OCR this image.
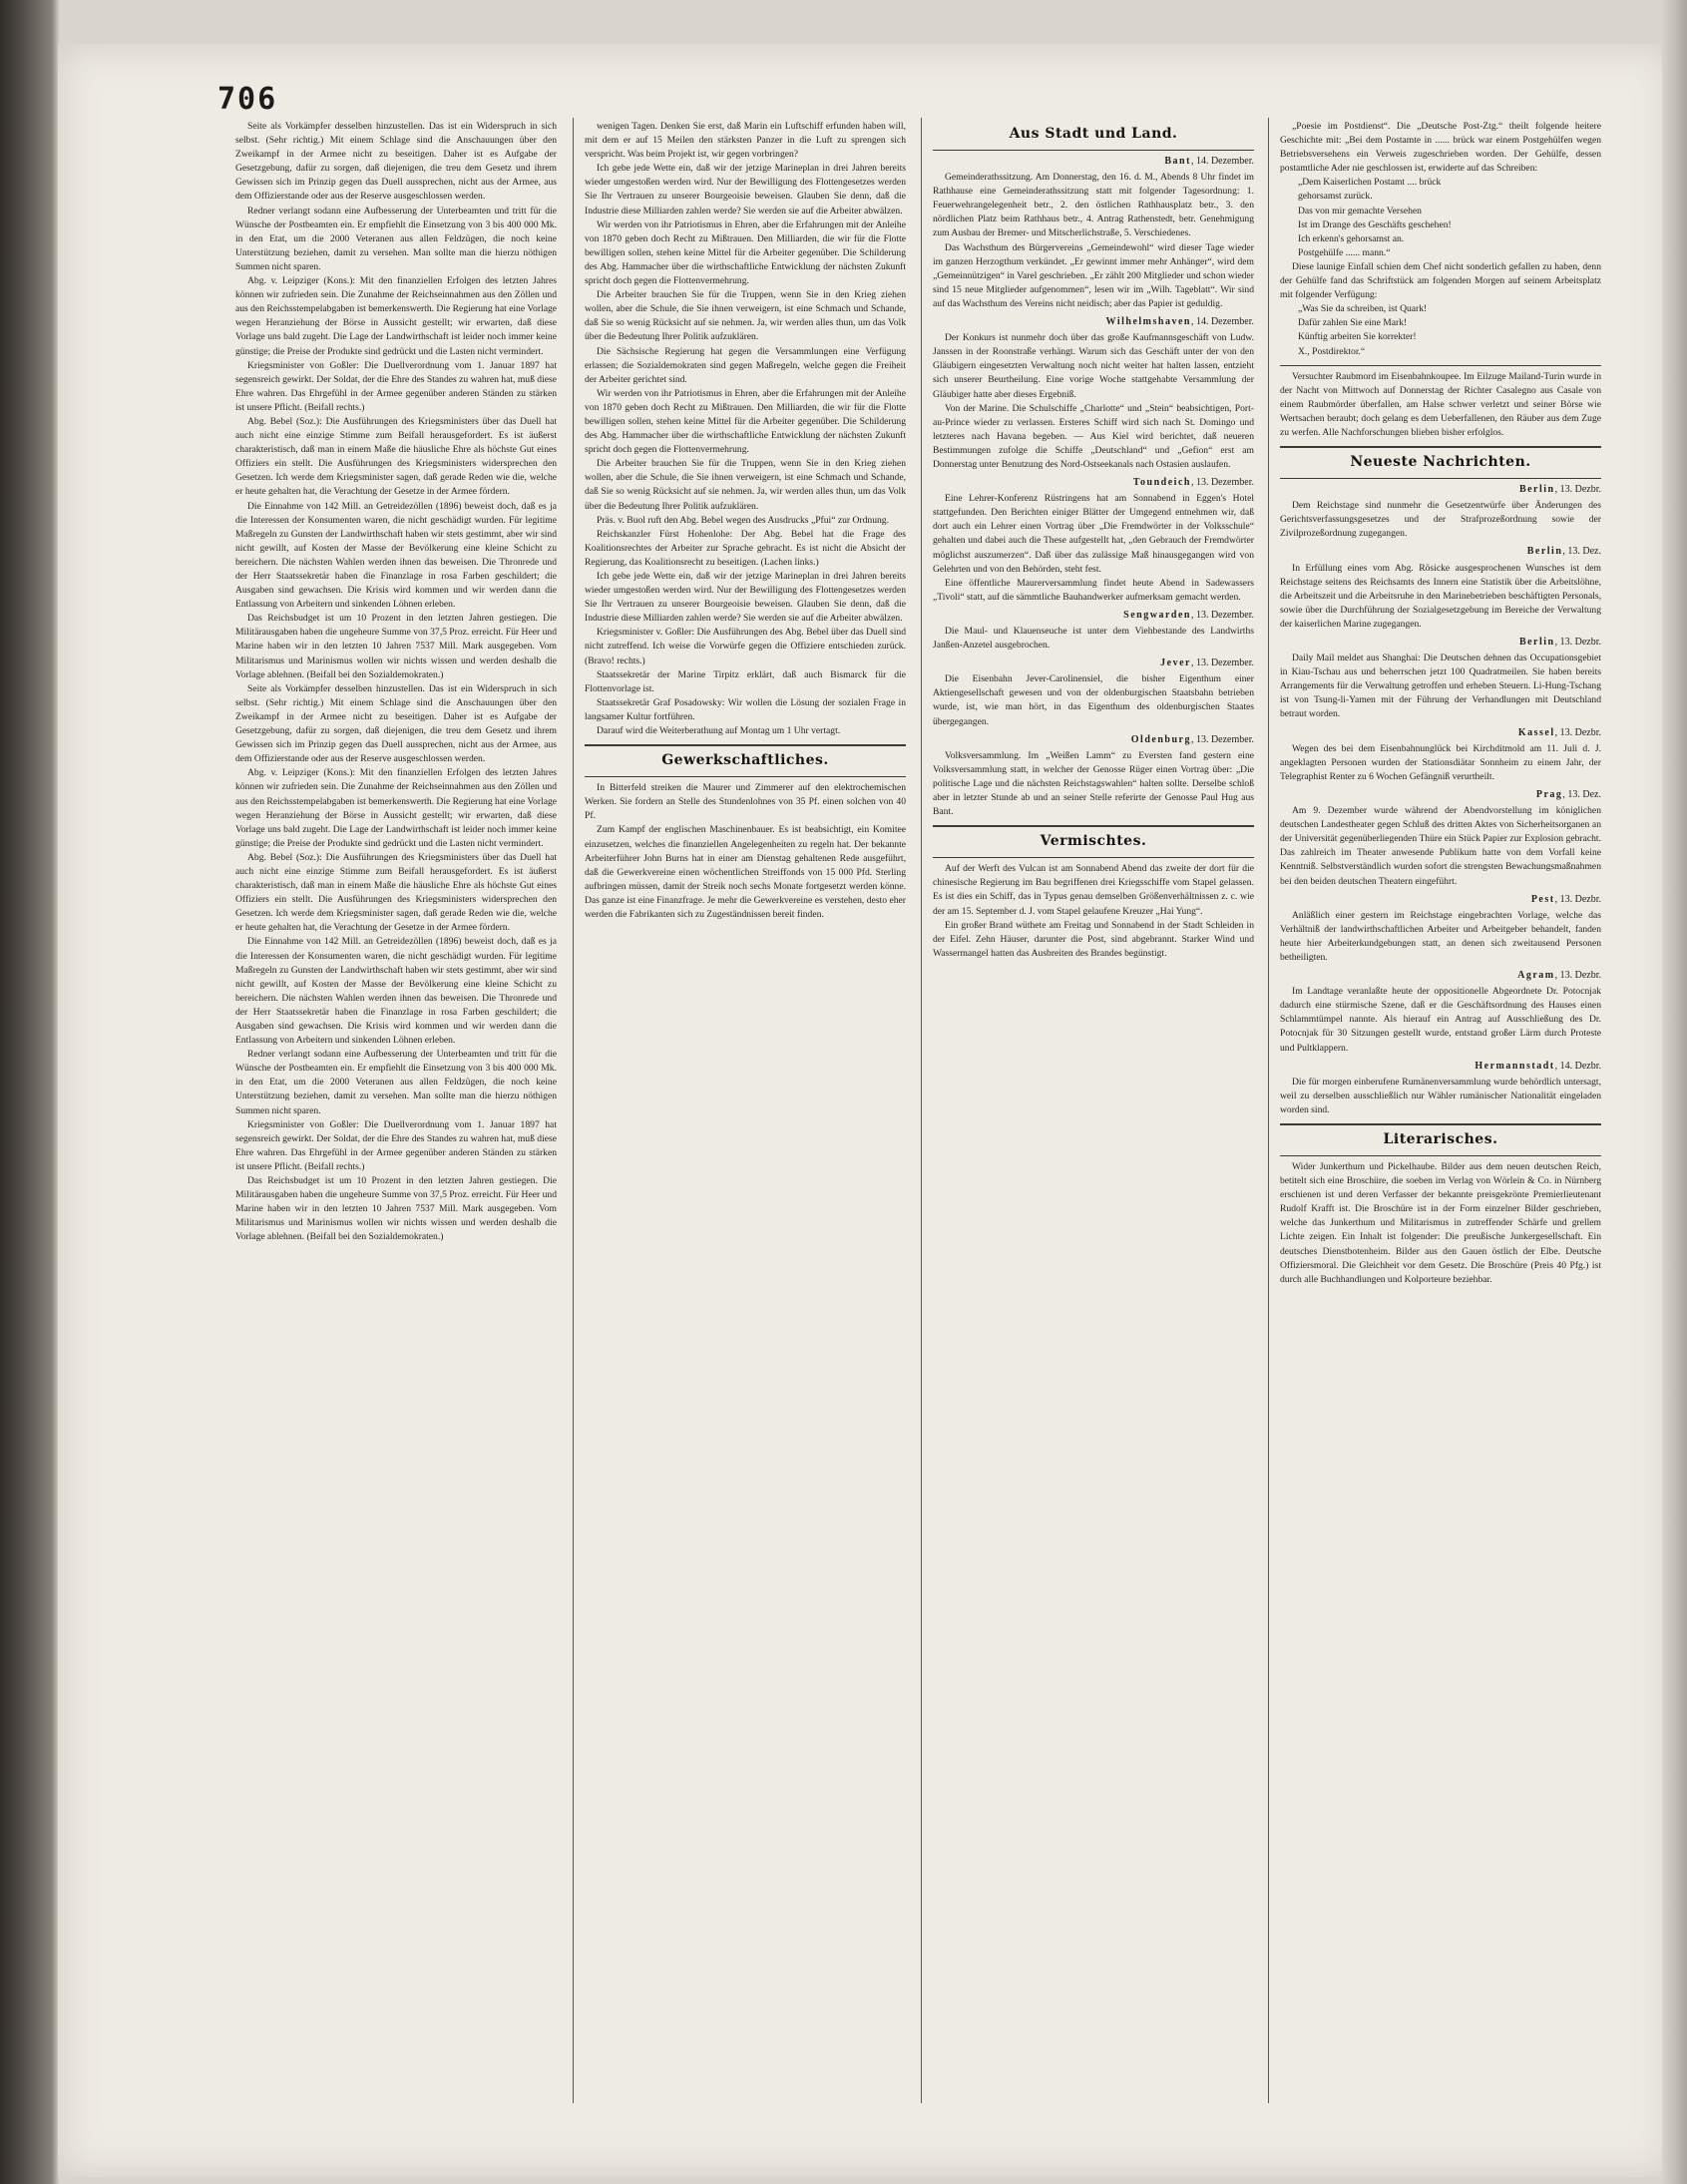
706

Seite als Vorkämpfer desselben hinzustellen. Das ist ein Widerspruch in sich selbst. (Sehr richtig.) Mit einem Schlage sind die Anschauungen über den Zweikampf in der Armee nicht zu beseitigen. Daher ist es Aufgabe der Gesetzgebung, dafür zu sorgen, daß diejenigen, die treu dem Gesetz und ihrem Gewissen sich im Prinzip gegen das Duell aussprechen, nicht aus der Armee, aus dem Offizierstande oder aus der Reserve ausgeschlossen werden.

Redner verlangt sodann eine Aufbesserung der Unterbeamten und tritt für die Wünsche der Postbeamten ein. Er empfiehlt die Einsetzung von 3 bis 400 000 Mk. in den Etat, um die 2000 Veteranen aus allen Feldzügen, die noch keine Unterstützung beziehen, damit zu versehen. Man sollte man die hierzu nöthigen Summen nicht sparen.

Abg. v. Leipziger (Kons.): Mit den finanziellen Erfolgen des letzten Jahres können wir zufrieden sein. Die Zunahme der Reichseinnahmen aus den Zöllen und aus den Reichsstempelabgaben ist bemerkenswerth. Die Regierung hat eine Vorlage wegen Heranziehung der Börse in Aussicht gestellt; wir erwarten, daß diese Vorlage uns bald zugeht. Die Lage der Landwirthschaft ist leider noch immer keine günstige; die Preise der Produkte sind gedrückt und die Lasten nicht vermindert.

Kriegsminister von Goßler: Die Duellverordnung vom 1. Januar 1897 hat segensreich gewirkt. Der Soldat, der die Ehre des Standes zu wahren hat, muß diese Ehre wahren. Das Ehrgefühl in der Armee gegenüber anderen Ständen zu stärken ist unsere Pflicht. (Beifall rechts.)

Abg. Bebel (Soz.): Die Ausführungen des Kriegsministers über das Duell hat auch nicht eine einzige Stimme zum Beifall herausgefordert. Es ist äußerst charakteristisch, daß man in einem Maße die häusliche Ehre als höchste Gut eines Offiziers ein stellt. Die Ausführungen des Kriegsministers widersprechen den Gesetzen. Ich werde dem Kriegsminister sagen, daß gerade Reden wie die, welche er heute gehalten hat, die Verachtung der Gesetze in der Armee fördern.

Die Einnahme von 142 Mill. an Getreidezöllen (1896) beweist doch, daß es ja die Interessen der Konsumenten waren, die nicht geschädigt wurden. Für legitime Maßregeln zu Gunsten der Landwirthschaft haben wir stets gestimmt, aber wir sind nicht gewillt, auf Kosten der Masse der Bevölkerung eine kleine Schicht zu bereichern. Die nächsten Wahlen werden ihnen das beweisen. Die Thronrede und der Herr Staatssekretär haben die Finanzlage in rosa Farben geschildert; die Ausgaben sind gewachsen. Die Krisis wird kommen und wir werden dann die Entlassung von Arbeitern und sinkenden Löhnen erleben.

Das Reichsbudget ist um 10 Prozent in den letzten Jahren gestiegen. Die Militärausgaben haben die ungeheure Summe von 37,5 Proz. erreicht. Für Heer und Marine haben wir in den letzten 10 Jahren 7537 Mill. Mark ausgegeben. Vom Militarismus und Marinismus wollen wir nichts wissen und werden deshalb die Vorlage ablehnen. (Beifall bei den Sozialdemokraten.)

Seite als Vorkämpfer desselben hinzustellen. Das ist ein Widerspruch in sich selbst. (Sehr richtig.) Mit einem Schlage sind die Anschauungen über den Zweikampf in der Armee nicht zu beseitigen. Daher ist es Aufgabe der Gesetzgebung, dafür zu sorgen, daß diejenigen, die treu dem Gesetz und ihrem Gewissen sich im Prinzip gegen das Duell aussprechen, nicht aus der Armee, aus dem Offizierstande oder aus der Reserve ausgeschlossen werden.

Abg. v. Leipziger (Kons.): Mit den finanziellen Erfolgen des letzten Jahres können wir zufrieden sein. Die Zunahme der Reichseinnahmen aus den Zöllen und aus den Reichsstempelabgaben ist bemerkenswerth. Die Regierung hat eine Vorlage wegen Heranziehung der Börse in Aussicht gestellt; wir erwarten, daß diese Vorlage uns bald zugeht. Die Lage der Landwirthschaft ist leider noch immer keine günstige; die Preise der Produkte sind gedrückt und die Lasten nicht vermindert.

Abg. Bebel (Soz.): Die Ausführungen des Kriegsministers über das Duell hat auch nicht eine einzige Stimme zum Beifall herausgefordert. Es ist äußerst charakteristisch, daß man in einem Maße die häusliche Ehre als höchste Gut eines Offiziers ein stellt. Die Ausführungen des Kriegsministers widersprechen den Gesetzen. Ich werde dem Kriegsminister sagen, daß gerade Reden wie die, welche er heute gehalten hat, die Verachtung der Gesetze in der Armee fördern.

Die Einnahme von 142 Mill. an Getreidezöllen (1896) beweist doch, daß es ja die Interessen der Konsumenten waren, die nicht geschädigt wurden. Für legitime Maßregeln zu Gunsten der Landwirthschaft haben wir stets gestimmt, aber wir sind nicht gewillt, auf Kosten der Masse der Bevölkerung eine kleine Schicht zu bereichern. Die nächsten Wahlen werden ihnen das beweisen. Die Thronrede und der Herr Staatssekretär haben die Finanzlage in rosa Farben geschildert; die Ausgaben sind gewachsen. Die Krisis wird kommen und wir werden dann die Entlassung von Arbeitern und sinkenden Löhnen erleben.

Redner verlangt sodann eine Aufbesserung der Unterbeamten und tritt für die Wünsche der Postbeamten ein. Er empfiehlt die Einsetzung von 3 bis 400 000 Mk. in den Etat, um die 2000 Veteranen aus allen Feldzügen, die noch keine Unterstützung beziehen, damit zu versehen. Man sollte man die hierzu nöthigen Summen nicht sparen.

Kriegsminister von Goßler: Die Duellverordnung vom 1. Januar 1897 hat segensreich gewirkt. Der Soldat, der die Ehre des Standes zu wahren hat, muß diese Ehre wahren. Das Ehrgefühl in der Armee gegenüber anderen Ständen zu stärken ist unsere Pflicht. (Beifall rechts.)

Das Reichsbudget ist um 10 Prozent in den letzten Jahren gestiegen. Die Militärausgaben haben die ungeheure Summe von 37,5 Proz. erreicht. Für Heer und Marine haben wir in den letzten 10 Jahren 7537 Mill. Mark ausgegeben. Vom Militarismus und Marinismus wollen wir nichts wissen und werden deshalb die Vorlage ablehnen. (Beifall bei den Sozialdemokraten.)

wenigen Tagen. Denken Sie erst, daß Marin ein Luftschiff erfunden haben will, mit dem er auf 15 Meilen den stärksten Panzer in die Luft zu sprengen sich verspricht. Was beim Projekt ist, wir gegen vorbringen?

Ich gebe jede Wette ein, daß wir der jetzige Marineplan in drei Jahren bereits wieder umgestoßen werden wird. Nur der Bewilligung des Flottengesetzes werden Sie Ihr Vertrauen zu unserer Bourgeoisie beweisen. Glauben Sie denn, daß die Industrie diese Milliarden zahlen werde? Sie werden sie auf die Arbeiter abwälzen.

Wir werden von ihr Patriotismus in Ehren, aber die Erfahrungen mit der Anleihe von 1870 geben doch Recht zu Mißtrauen. Den Milliarden, die wir für die Flotte bewilligen sollen, stehen keine Mittel für die Arbeiter gegenüber. Die Schilderung des Abg. Hammacher über die wirthschaftliche Entwicklung der nächsten Zukunft spricht doch gegen die Flottenvermehrung.

Die Arbeiter brauchen Sie für die Truppen, wenn Sie in den Krieg ziehen wollen, aber die Schule, die Sie ihnen verweigern, ist eine Schmach und Schande, daß Sie so wenig Rücksicht auf sie nehmen. Ja, wir werden alles thun, um das Volk über die Bedeutung Ihrer Politik aufzuklären.

Die Sächsische Regierung hat gegen die Versammlungen eine Verfügung erlassen; die Sozialdemokraten sind gegen Maßregeln, welche gegen die Freiheit der Arbeiter gerichtet sind.

Wir werden von ihr Patriotismus in Ehren, aber die Erfahrungen mit der Anleihe von 1870 geben doch Recht zu Mißtrauen. Den Milliarden, die wir für die Flotte bewilligen sollen, stehen keine Mittel für die Arbeiter gegenüber. Die Schilderung des Abg. Hammacher über die wirthschaftliche Entwicklung der nächsten Zukunft spricht doch gegen die Flottenvermehrung.

Die Arbeiter brauchen Sie für die Truppen, wenn Sie in den Krieg ziehen wollen, aber die Schule, die Sie ihnen verweigern, ist eine Schmach und Schande, daß Sie so wenig Rücksicht auf sie nehmen. Ja, wir werden alles thun, um das Volk über die Bedeutung Ihrer Politik aufzuklären.

Präs. v. Buol ruft den Abg. Bebel wegen des Ausdrucks „Pfui“ zur Ordnung.

Reichskanzler Fürst Hohenlohe: Der Abg. Bebel hat die Frage des Koalitionsrechtes der Arbeiter zur Sprache gebracht. Es ist nicht die Absicht der Regierung, das Koalitionsrecht zu beseitigen. (Lachen links.)

Ich gebe jede Wette ein, daß wir der jetzige Marineplan in drei Jahren bereits wieder umgestoßen werden wird. Nur der Bewilligung des Flottengesetzes werden Sie Ihr Vertrauen zu unserer Bourgeoisie beweisen. Glauben Sie denn, daß die Industrie diese Milliarden zahlen werde? Sie werden sie auf die Arbeiter abwälzen.

Kriegsminister v. Goßler: Die Ausführungen des Abg. Bebel über das Duell sind nicht zutreffend. Ich weise die Vorwürfe gegen die Offiziere entschieden zurück. (Bravo! rechts.)

Staatssekretär der Marine Tirpitz erklärt, daß auch Bismarck für die Flottenvorlage ist.

Staatssekretär Graf Posadowsky: Wir wollen die Lösung der sozialen Frage in langsamer Kultur fortführen.

Darauf wird die Weiterberathung auf Montag um 1 Uhr vertagt.

Gewerkschaftliches.

In Bitterfeld streiken die Maurer und Zimmerer auf den elektrochemischen Werken. Sie fordern an Stelle des Stundenlohnes von 35 Pf. einen solchen von 40 Pf.

Zum Kampf der englischen Maschinenbauer. Es ist beabsichtigt, ein Komitee einzusetzen, welches die finanziellen Angelegenheiten zu regeln hat. Der bekannte Arbeiterführer John Burns hat in einer am Dienstag gehaltenen Rede ausgeführt, daß die Gewerkvereine einen wöchentlichen Streiffonds von 15 000 Pfd. Sterling aufbringen müssen, damit der Streik noch sechs Monate fortgesetzt werden könne. Das ganze ist eine Finanzfrage. Je mehr die Gewerkvereine es verstehen, desto eher werden die Fabrikanten sich zu Zugeständnissen bereit finden.

Aus Stadt und Land.
Bant, 14. Dezember.

Gemeinderathssitzung. Am Donnerstag, den 16. d. M., Abends 8 Uhr findet im Rathhause eine Gemeinderathssitzung statt mit folgender Tagesordnung: 1. Feuerwehrangelegenheit betr., 2. den östlichen Rathhausplatz betr., 3. den nördlichen Platz beim Rathhaus betr., 4. Antrag Rathenstedt, betr. Genehmigung zum Ausbau der Bremer- und Mitscherlichstraße, 5. Verschiedenes.

Das Wachsthum des Bürgervereins „Gemeindewohl“ wird dieser Tage wieder im ganzen Herzogthum verkündet. „Er gewinnt immer mehr Anhänger“, wird dem „Gemeinnützigen“ in Varel geschrieben. „Er zählt 200 Mitglieder und schon wieder sind 15 neue Mitglieder aufgenommen“, lesen wir im „Wilh. Tageblatt“. Wir sind auf das Wachsthum des Vereins nicht neidisch; aber das Papier ist geduldig.

Wilhelmshaven, 14. Dezember.

Der Konkurs ist nunmehr doch über das große Kaufmannsgeschäft von Ludw. Janssen in der Roonstraße verhängt. Warum sich das Geschäft unter der von den Gläubigern eingesetzten Verwaltung noch nicht weiter hat halten lassen, entzieht sich unserer Beurtheilung. Eine vorige Woche stattgehabte Versammlung der Gläubiger hatte aber dieses Ergebniß.

Von der Marine. Die Schulschiffe „Charlotte“ und „Stein“ beabsichtigen, Port-au-Prince wieder zu verlassen. Ersteres Schiff wird sich nach St. Domingo und letzteres nach Havana begeben. — Aus Kiel wird berichtet, daß neueren Bestimmungen zufolge die Schiffe „Deutschland“ und „Gefion“ erst am Donnerstag unter Benutzung des Nord-Ostseekanals nach Ostasien auslaufen.

Toundeich, 13. Dezember.

Eine Lehrer-Konferenz Rüstringens hat am Sonnabend in Eggen's Hotel stattgefunden. Den Berichten einiger Blätter der Umgegend entnehmen wir, daß dort auch ein Lehrer einen Vortrag über „Die Fremdwörter in der Volksschule“ gehalten und dabei auch die These aufgestellt hat, „den Gebrauch der Fremdwörter möglichst auszumerzen“. Daß über das zulässige Maß hinausgegangen wird von Gelehrten und von den Behörden, steht fest.

Eine öffentliche Maurerversammlung findet heute Abend in Sadewassers „Tivoli“ statt, auf die sämmtliche Bauhandwerker aufmerksam gemacht werden.

Sengwarden, 13. Dezember.

Die Maul- und Klauenseuche ist unter dem Viehbestande des Landwirths Janßen-Anzetel ausgebrochen.

Jever, 13. Dezember.

Die Eisenbahn Jever-Carolinensiel, die bisher Eigenthum einer Aktiengesellschaft gewesen und von der oldenburgischen Staatsbahn betrieben wurde, ist, wie man hört, in das Eigenthum des oldenburgischen Staates übergegangen.

Oldenburg, 13. Dezember.

Volksversammlung. Im „Weißen Lamm“ zu Eversten fand gestern eine Volksversammlung statt, in welcher der Genosse Rüger einen Vortrag über: „Die politische Lage und die nächsten Reichstagswahlen“ halten sollte. Derselbe schloß aber in letzter Stunde ab und an seiner Stelle referirte der Genosse Paul Hug aus Bant.

Vermischtes.

Auf der Werft des Vulcan ist am Sonnabend Abend das zweite der dort für die chinesische Regierung im Bau begriffenen drei Kriegsschiffe vom Stapel gelassen. Es ist dies ein Schiff, das in Typus genau demselben Größenverhältnissen z. c. wie der am 15. September d. J. vom Stapel gelaufene Kreuzer „Hai Yung“.

Ein großer Brand wüthete am Freitag und Sonnabend in der Stadt Schleiden in der Eifel. Zehn Häuser, darunter die Post, sind abgebrannt. Starker Wind und Wassermangel hatten das Ausbreiten des Brandes begünstigt.

„Poesie im Postdienst“. Die „Deutsche Post-Ztg.“ theilt folgende heitere Geschichte mit: „Bei dem Postamte in ...... brück war einem Postgehülfen wegen Betriebsversehens ein Verweis zugeschrieben worden. Der Gehülfe, dessen postamtliche Ader nie geschlossen ist, erwiderte auf das Schreiben:

„Dem Kaiserlichen Postamt .... brück
gehorsamst zurück.
Das von mir gemachte Versehen
Ist im Drange des Geschäfts geschehen!
Ich erkenn's gehorsamst an.
Postgehülfe ...... mann.“

Diese launige Einfall schien dem Chef nicht sonderlich gefallen zu haben, denn der Gehülfe fand das Schriftstück am folgenden Morgen auf seinem Arbeitsplatz mit folgender Verfügung:

„Was Sie da schreiben, ist Quark!
Dafür zahlen Sie eine Mark!
Künftig arbeiten Sie korrekter!
X., Postdirektor.“

Versuchter Raubmord im Eisenbahnkoupee. Im Eilzuge Mailand-Turin wurde in der Nacht von Mittwoch auf Donnerstag der Richter Casalegno aus Casale von einem Raubmörder überfallen, am Halse schwer verletzt und seiner Börse wie Wertsachen beraubt; doch gelang es dem Ueberfallenen, den Räuber aus dem Zuge zu werfen. Alle Nachforschungen blieben bisher erfolglos.

Neueste Nachrichten.
Berlin, 13. Dezbr.

Dem Reichstage sind nunmehr die Gesetzentwürfe über Änderungen des Gerichtsverfassungsgesetzes und der Strafprozeßordnung sowie der Zivilprozeßordnung zugegangen.

Berlin, 13. Dez.

In Erfüllung eines vom Abg. Rösicke ausgesprochenen Wunsches ist dem Reichstage seitens des Reichsamts des Innern eine Statistik über die Arbeitslöhne, die Arbeitszeit und die Arbeitsruhe in den Marinebetrieben beschäftigten Personals, sowie über die Durchführung der Sozialgesetzgebung im Bereiche der Verwaltung der kaiserlichen Marine zugegangen.

Berlin, 13. Dezbr.

Daily Mail meldet aus Shanghai: Die Deutschen dehnen das Occupationsgebiet in Kiau-Tschau aus und beherrschen jetzt 100 Quadratmeilen. Sie haben bereits Arrangements für die Verwaltung getroffen und erheben Steuern. Li-Hung-Tschang ist von Tsung-li-Yamen mit der Führung der Verhandlungen mit Deutschland betraut worden.

Kassel, 13. Dezbr.

Wegen des bei dem Eisenbahnunglück bei Kirchditmold am 11. Juli d. J. angeklagten Personen wurden der Stationsdiätar Sonnheim zu einem Jahr, der Telegraphist Renter zu 6 Wochen Gefängniß verurtheilt.

Prag, 13. Dez.

Am 9. Dezember wurde während der Abendvorstellung im königlichen deutschen Landestheater gegen Schluß des dritten Aktes von Sicherheitsorganen an der Universität gegenüberliegenden Thüre ein Stück Papier zur Explosion gebracht. Das zahlreich im Theater anwesende Publikum hatte von dem Vorfall keine Kenntniß. Selbstverständlich wurden sofort die strengsten Bewachungsmaßnahmen bei den beiden deutschen Theatern eingeführt.

Pest, 13. Dezbr.

Anläßlich einer gestern im Reichstage eingebrachten Vorlage, welche das Verhältniß der landwirthschaftlichen Arbeiter und Arbeitgeber behandelt, fanden heute hier Arbeiterkundgebungen statt, an denen sich zweitausend Personen betheiligten.

Agram, 13. Dezbr.

Im Landtage veranlaßte heute der oppositionelle Abgeordnete Dr. Potocnjak dadurch eine stürmische Szene, daß er die Geschäftsordnung des Hauses einen Schlammtümpel nannte. Als hierauf ein Antrag auf Ausschließung des Dr. Potocnjak für 30 Sitzungen gestellt wurde, entstand großer Lärm durch Proteste und Pultklappern.

Hermannstadt, 14. Dezbr.

Die für morgen einberufene Rumänenversammlung wurde behördlich untersagt, weil zu derselben ausschließlich nur Wähler rumänischer Nationalität eingeladen worden sind.

Literarisches.

Wider Junkerthum und Pickelhaube. Bilder aus dem neuen deutschen Reich, betitelt sich eine Broschüre, die soeben im Verlag von Wörlein & Co. in Nürnberg erschienen ist und deren Verfasser der bekannte preisgekrönte Premierlieutenant Rudolf Krafft ist. Die Broschüre ist in der Form einzelner Bilder geschrieben, welche das Junkerthum und Militarismus in zutreffender Schärfe und grellem Lichte zeigen. Ein Inhalt ist folgender: Die preußische Junkergesellschaft. Ein deutsches Dienstbotenheim. Bilder aus den Gauen östlich der Elbe. Deutsche Offiziersmoral. Die Gleichheit vor dem Gesetz. Die Broschüre (Preis 40 Pfg.) ist durch alle Buchhandlungen und Kolporteure beziehbar.
